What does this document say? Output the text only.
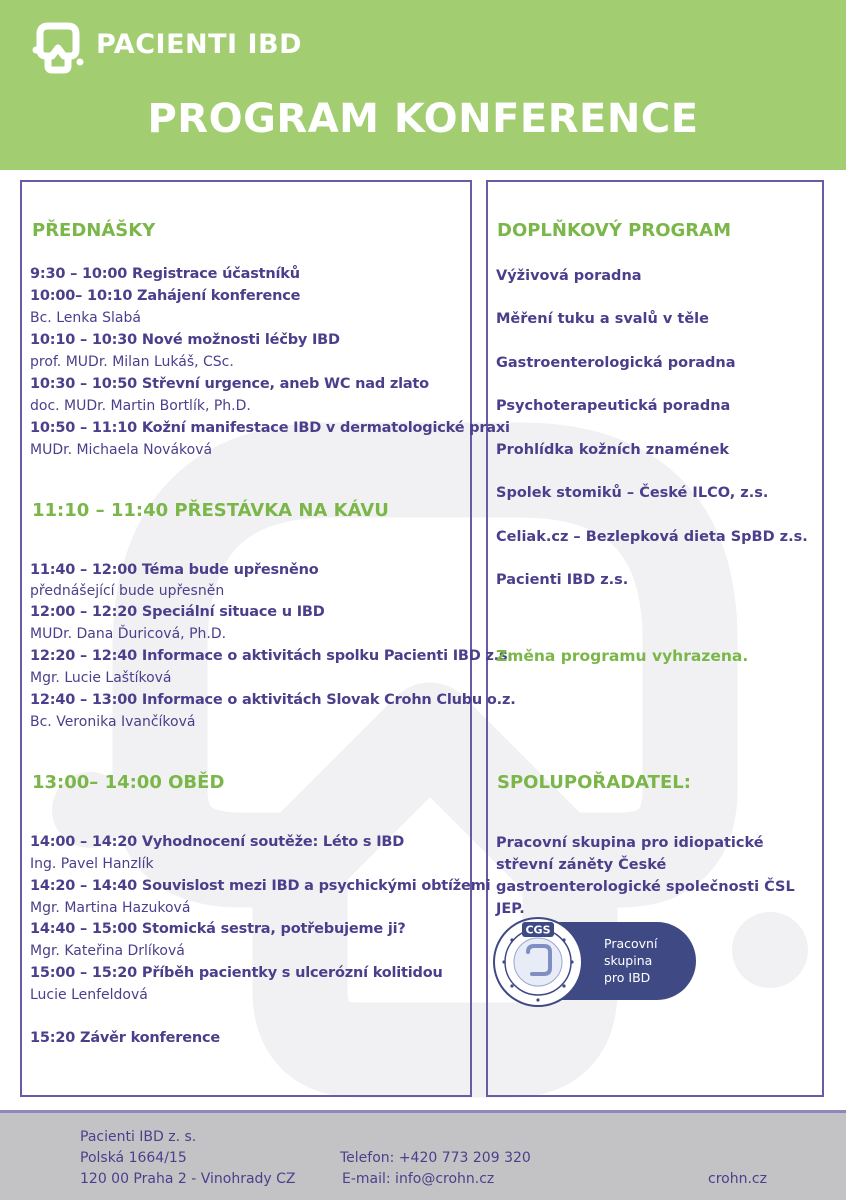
PACIENTI IBD
PROGRAM KONFERENCE
PŘEDNÁŠKY
9:30 – 10:00 Registrace účastníků
10:00– 10:10 Zahájení konference
Bc. Lenka Slabá
10:10 – 10:30 Nové možnosti léčby IBD
prof. MUDr. Milan Lukáš, CSc.
10:30 – 10:50 Střevní urgence, aneb WC nad zlato
doc. MUDr. Martin Bortlík, Ph.D.
10:50 – 11:10 Kožní manifestace IBD v dermatologické praxi
MUDr. Michaela Nováková
11:10 – 11:40 PŘESTÁVKA NA KÁVU
11:40 – 12:00 Téma bude upřesněno
přednášející bude upřesněn
12:00 – 12:20 Speciální situace u IBD
MUDr. Dana Ďuricová, Ph.D.
12:20 – 12:40 Informace o aktivitách spolku Pacienti IBD z.s.
Mgr. Lucie Laštíková
12:40 – 13:00 Informace o aktivitách Slovak Crohn Clubu o.z.
Bc. Veronika Ivančíková
13:00– 14:00 OBĚD
14:00 – 14:20 Vyhodnocení soutěže: Léto s IBD
Ing. Pavel Hanzlík
14:20 – 14:40 Souvislost mezi IBD a psychickými obtížemi
Mgr. Martina Hazuková
14:40 – 15:00 Stomická sestra, potřebujeme ji?
Mgr. Kateřina Drlíková
15:00 – 15:20 Příběh pacientky s ulcerózní kolitidou
Lucie Lenfeldová
15:20 Závěr konference
DOPLŇKOVÝ PROGRAM
Výživová poradna
Měření tuku a svalů v těle
Gastroenterologická poradna
Psychoterapeutická poradna
Prohlídka kožních znamének
Spolek stomiků – České ILCO, z.s.
Celiak.cz – Bezlepková dieta SpBD z.s.
Pacienti IBD z.s.
Změna programu vyhrazena.
SPOLUPOŘADATEL:
Pracovní skupina pro idiopatické střevní záněty České gastroenterologické společnosti ČSL JEP.
Pracovní
skupina
pro IBD
CGS
Pacienti IBD z. s.
Polská 1664/15
120 00 Praha 2 - Vinohrady CZ
Telefon: +420 773 209 320
E-mail: info@crohn.cz	crohn.cz
